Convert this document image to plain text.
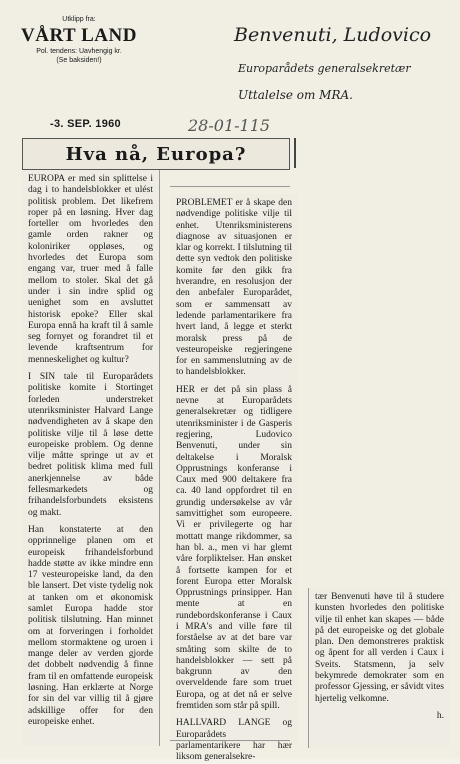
Utklipp fra:
VÅRT LAND
Pol. tendens: Uavhengig kr.
(Se baksiden!)
-3. SEP. 1960
Benvenuti, Ludovico
Europarådets generalsekretær
Uttalelse om MRA.
28-01-115
Hva nå, Europa?

EUROPA er med sin splittelse i dag i to handelsblokker et ulést politisk problem. Det likefrem roper på en løsning. Hver dag forteller om hvorledes den gamle orden rakner og koloniriker oppløses, og hvorledes det Europa som engang var, truer med å falle mellom to stoler. Skal det gå under i sin indre splid og uenighet som en avsluttet historisk epoke? Eller skal Europa ennå ha kraft til å samle seg fornyet og forandret til et levende kraftsentrum for menneskelighet og kultur?

I SIN tale til Europarådets politiske komite i Stortinget forleden understreket utenriksminister Halvard Lange nødvendigheten av å skape den politiske vilje til å løse dette europeiske problem. Og denne vilje måtte springe ut av et bedret politisk klima med full anerkjennelse av både fellesmarkedets og frihandelsforbundets eksistens og makt.

Han konstaterte at den opprinnelige planen om et europeisk frihandelsforbund hadde støtte av ikke mindre enn 17 vesteuropeiske land, da den ble lansert. Det viste tydelig nok at tanken om et økonomisk samlet Europa hadde stor politisk tilslutning. Han minnet om at forveringen i forholdet mellom stormaktene og uroen i mange deler av verden gjorde det dobbelt nødvendig å finne fram til en omfattende europeisk løsning. Han erklærte at Norge for sin del var villig til å gjøre adskillige offer for den europeiske enhet.

PROBLEMET er å skape den nødvendige politiske vilje til enhet. Utenriksministerens diagnose av situasjonen er klar og korrekt. I tilslutning til dette syn vedtok den politiske komite før den gikk fra hverandre, en resolusjon der den anbefaler Europarådet, som er sammensatt av ledende parlamentarikere fra hvert land, å legge et sterkt moralsk press på de vesteuropeiske regjeringene for en sammenslutning av de to handelsblokker.

HER er det på sin plass å nevne at Europarådets generalsekretær og tidligere utenriksminister i de Gasperis regjering, Ludovico Benvenuti, under sin deltakelse i Moralsk Opprustnings konferanse i Caux med 900 deltakere fra ca. 40 land oppfordret til en grundig undersøkelse av vår samvittighet som europeere. Vi er privilegerte og har mottatt mange rikdommer, sa han bl. a., men vi har glemt våre forpliktelser. Han ønsket å fortsette kampen for et forent Europa etter Moralsk Opprustnings prinsipper. Han mente at en rundebordskonferanse i Caux i MRA's and ville føre til forståelse av at det bare var småting som skilte de to handelsblokker — sett på bakgrunn av den overveldende fare som truet Europa, og at det nå er selve fremtiden som står på spill.

HALLVARD LANGE og Europarådets parlamentarikere har hær liksom generalsekre-

tær Benvenuti høve til å studere kunsten hvorledes den politiske vilje til enhet kan skapes — både på det europeiske og det globale plan. Den demonstreres praktisk og åpent for all verden i Caux i Sveits. Statsmenn, ja selv bekymrede demokrater som en professor Gjessing, er såvidt vites hjertelig velkomne.

h.
